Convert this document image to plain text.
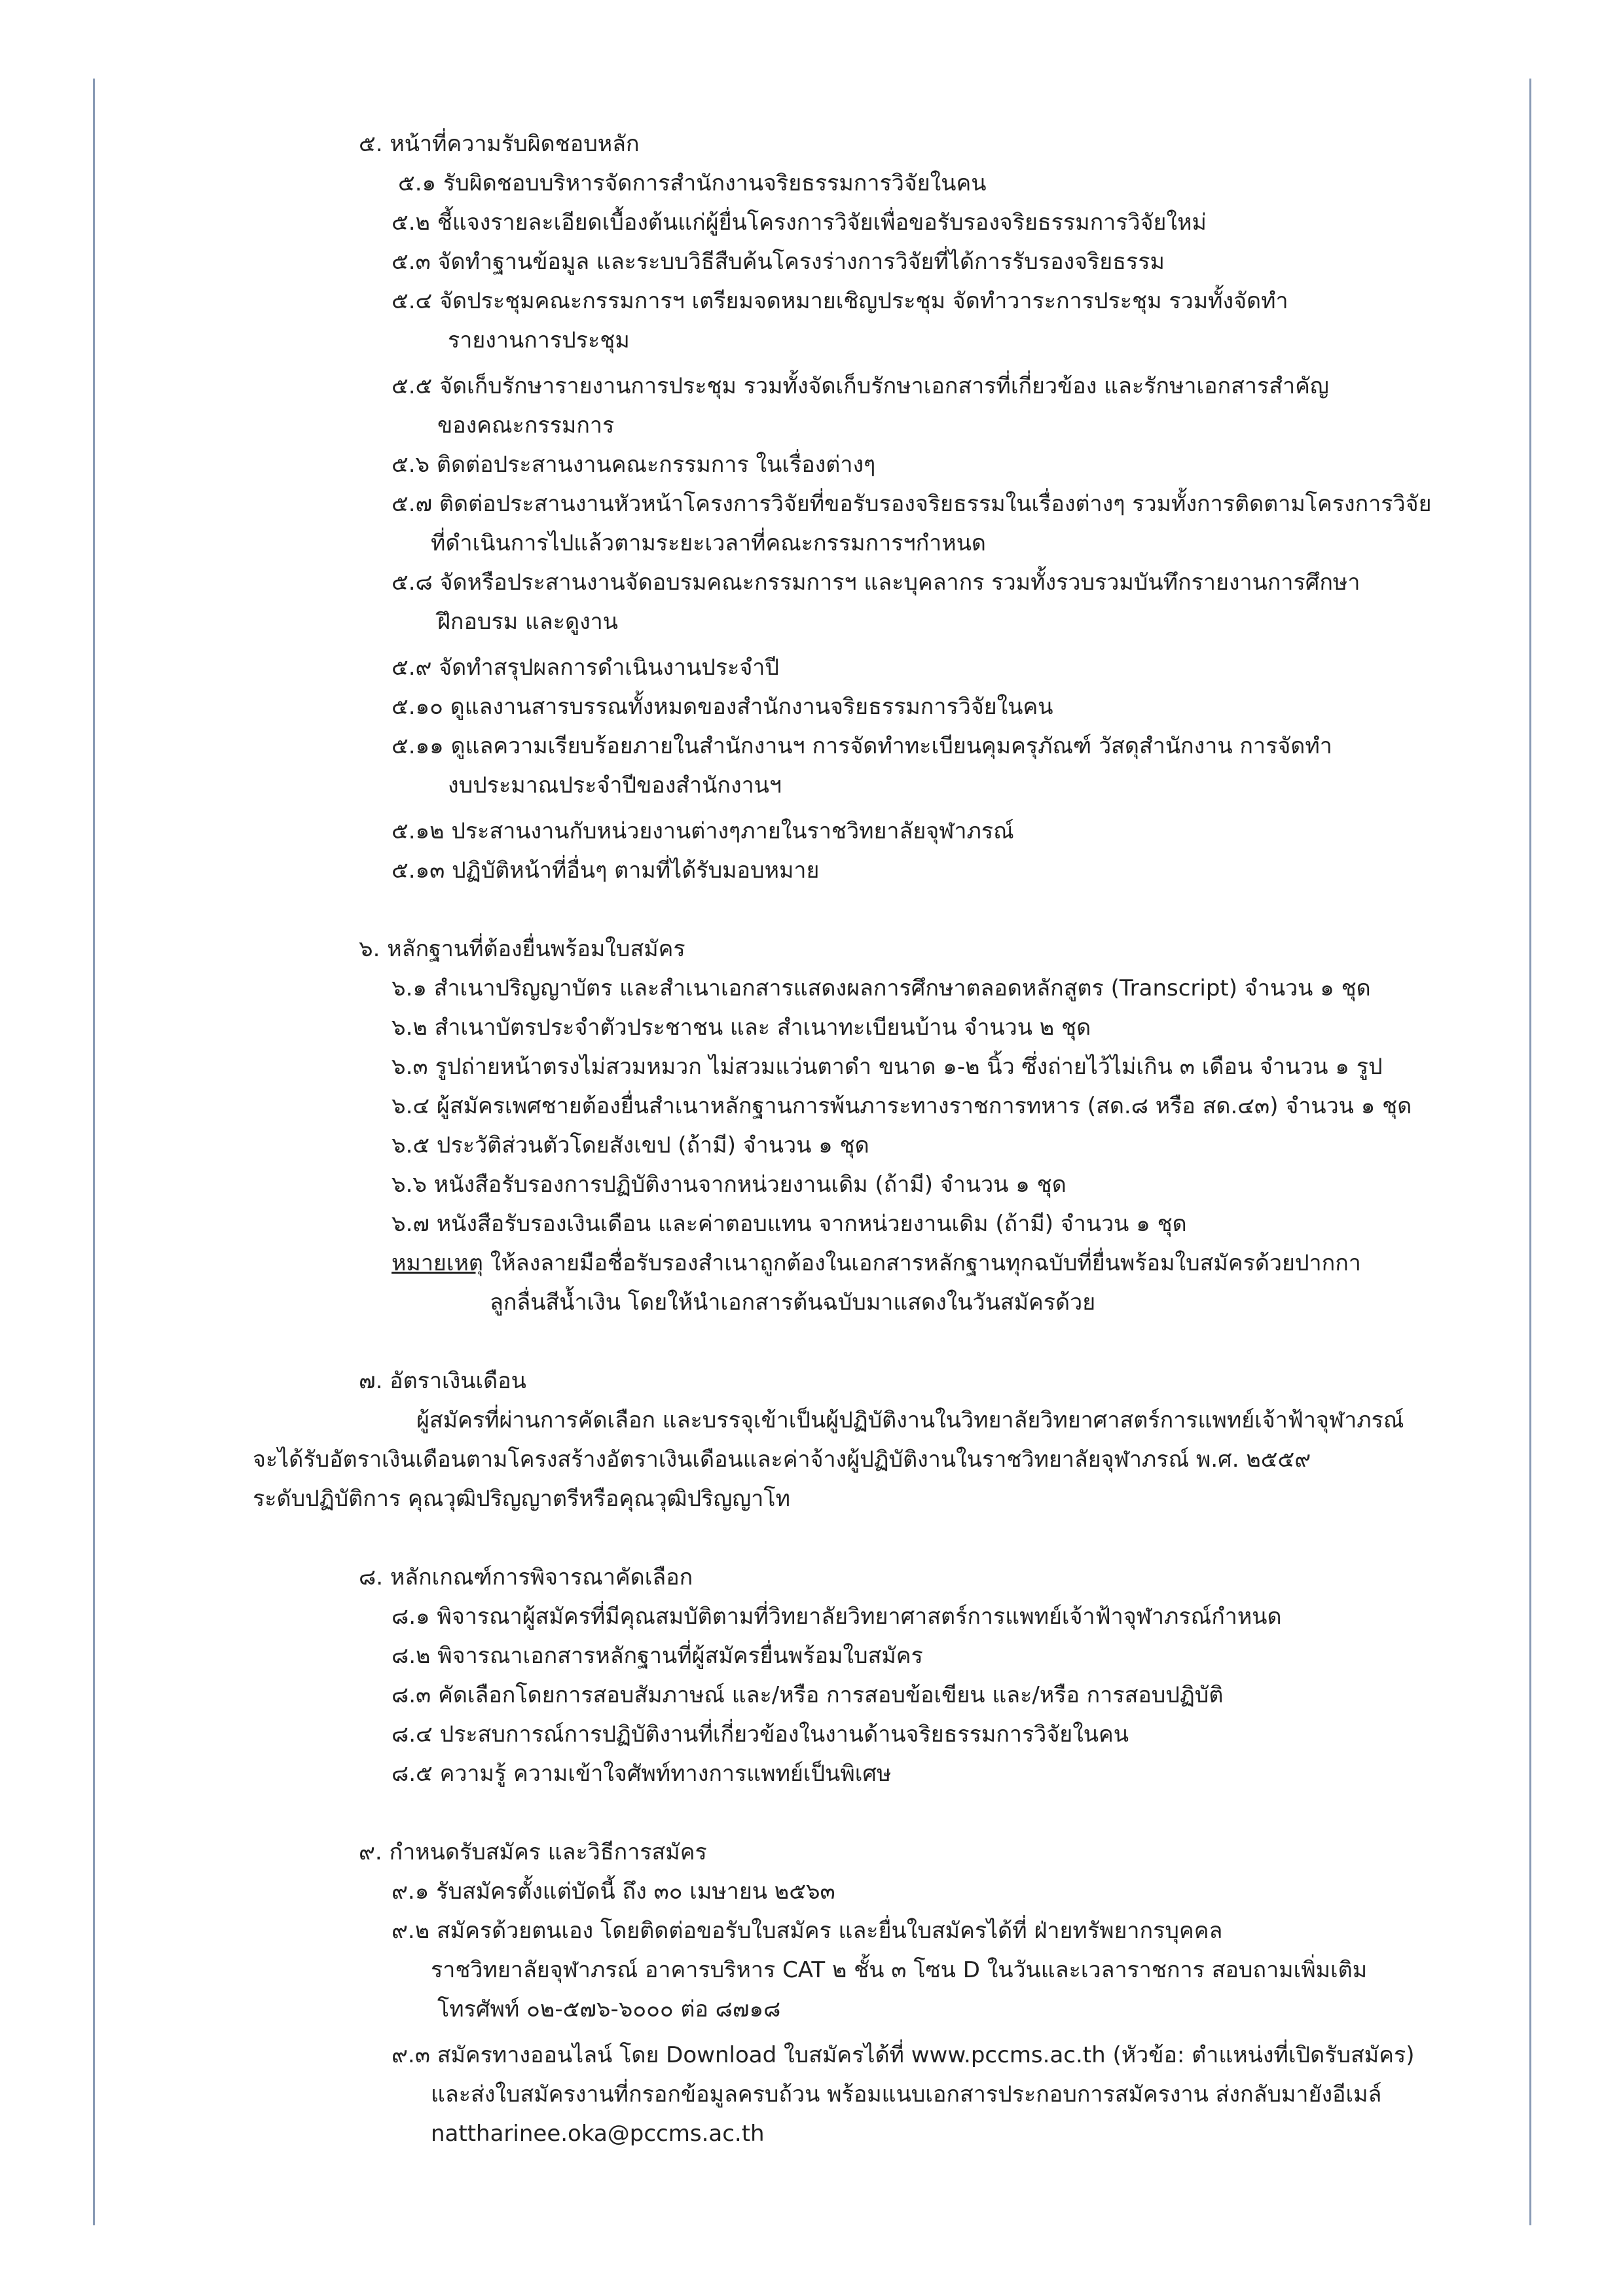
๕. หน้าที่ความรับผิดชอบหลัก
๕.๑ รับผิดชอบบริหารจัดการสำนักงานจริยธรรมการวิจัยในคน
๕.๒ ชี้แจงรายละเอียดเบื้องต้นแก่ผู้ยื่นโครงการวิจัยเพื่อขอรับรองจริยธรรมการวิจัยใหม่
๕.๓ จัดทำฐานข้อมูล และระบบวิธีสืบค้นโครงร่างการวิจัยที่ได้การรับรองจริยธรรม
๕.๔ จัดประชุมคณะกรรมการฯ เตรียมจดหมายเชิญประชุม จัดทำวาระการประชุม รวมทั้งจัดทำ
รายงานการประชุม
๕.๕ จัดเก็บรักษารายงานการประชุม รวมทั้งจัดเก็บรักษาเอกสารที่เกี่ยวข้อง และรักษาเอกสารสำคัญ
ของคณะกรรมการ
๕.๖ ติดต่อประสานงานคณะกรรมการ ในเรื่องต่างๆ
๕.๗ ติดต่อประสานงานหัวหน้าโครงการวิจัยที่ขอรับรองจริยธรรมในเรื่องต่างๆ รวมทั้งการติดตามโครงการวิจัย
ที่ดำเนินการไปแล้วตามระยะเวลาที่คณะกรรมการฯกำหนด
๕.๘ จัดหรือประสานงานจัดอบรมคณะกรรมการฯ และบุคลากร รวมทั้งรวบรวมบันทึกรายงานการศึกษา
ฝึกอบรม และดูงาน
๕.๙ จัดทำสรุปผลการดำเนินงานประจำปี
๕.๑๐ ดูแลงานสารบรรณทั้งหมดของสำนักงานจริยธรรมการวิจัยในคน
๕.๑๑ ดูแลความเรียบร้อยภายในสำนักงานฯ การจัดทำทะเบียนคุมครุภัณฑ์ วัสดุสำนักงาน การจัดทำ
งบประมาณประจำปีของสำนักงานฯ
๕.๑๒ ประสานงานกับหน่วยงานต่างๆภายในราชวิทยาลัยจุฬาภรณ์
๕.๑๓ ปฏิบัติหน้าที่อื่นๆ ตามที่ได้รับมอบหมาย
๖. หลักฐานที่ต้องยื่นพร้อมใบสมัคร
๖.๑ สำเนาปริญญาบัตร และสำเนาเอกสารแสดงผลการศึกษาตลอดหลักสูตร (Transcript) จำนวน ๑ ชุด
๖.๒ สำเนาบัตรประจำตัวประชาชน และ สำเนาทะเบียนบ้าน จำนวน ๒ ชุด
๖.๓ รูปถ่ายหน้าตรงไม่สวมหมวก ไม่สวมแว่นตาดำ ขนาด ๑-๒ นิ้ว ซึ่งถ่ายไว้ไม่เกิน ๓ เดือน จำนวน ๑ รูป
๖.๔ ผู้สมัครเพศชายต้องยื่นสำเนาหลักฐานการพ้นภาระทางราชการทหาร (สด.๘ หรือ สด.๔๓) จำนวน ๑ ชุด
๖.๕ ประวัติส่วนตัวโดยสังเขป (ถ้ามี) จำนวน ๑ ชุด
๖.๖ หนังสือรับรองการปฏิบัติงานจากหน่วยงานเดิม (ถ้ามี) จำนวน ๑ ชุด
๖.๗ หนังสือรับรองเงินเดือน และค่าตอบแทน จากหน่วยงานเดิม (ถ้ามี) จำนวน ๑ ชุด
หมายเหตุ ให้ลงลายมือชื่อรับรองสำเนาถูกต้องในเอกสารหลักฐานทุกฉบับที่ยื่นพร้อมใบสมัครด้วยปากกา
ลูกลื่นสีน้ำเงิน โดยให้นำเอกสารต้นฉบับมาแสดงในวันสมัครด้วย
๗. อัตราเงินเดือน
ผู้สมัครที่ผ่านการคัดเลือก และบรรจุเข้าเป็นผู้ปฏิบัติงานในวิทยาลัยวิทยาศาสตร์การแพทย์เจ้าฟ้าจุฬาภรณ์
จะได้รับอัตราเงินเดือนตามโครงสร้างอัตราเงินเดือนและค่าจ้างผู้ปฏิบัติงานในราชวิทยาลัยจุฬาภรณ์ พ.ศ. ๒๕๕๙
ระดับปฏิบัติการ คุณวุฒิปริญญาตรีหรือคุณวุฒิปริญญาโท
๘. หลักเกณฑ์การพิจารณาคัดเลือก
๘.๑ พิจารณาผู้สมัครที่มีคุณสมบัติตามที่วิทยาลัยวิทยาศาสตร์การแพทย์เจ้าฟ้าจุฬาภรณ์กำหนด
๘.๒ พิจารณาเอกสารหลักฐานที่ผู้สมัครยื่นพร้อมใบสมัคร
๘.๓ คัดเลือกโดยการสอบสัมภาษณ์ และ/หรือ การสอบข้อเขียน และ/หรือ การสอบปฏิบัติ
๘.๔ ประสบการณ์การปฏิบัติงานที่เกี่ยวข้องในงานด้านจริยธรรมการวิจัยในคน
๘.๕ ความรู้ ความเข้าใจศัพท์ทางการแพทย์เป็นพิเศษ
๙. กำหนดรับสมัคร และวิธีการสมัคร
๙.๑ รับสมัครตั้งแต่บัดนี้ ถึง ๓๐ เมษายน ๒๕๖๓
๙.๒ สมัครด้วยตนเอง โดยติดต่อขอรับใบสมัคร และยื่นใบสมัครได้ที่ ฝ่ายทรัพยากรบุคคล
ราชวิทยาลัยจุฬาภรณ์ อาคารบริหาร CAT ๒ ชั้น ๓ โซน D ในวันและเวลาราชการ สอบถามเพิ่มเติม
โทรศัพท์ ๐๒-๕๗๖-๖๐๐๐ ต่อ ๘๗๑๘
๙.๓ สมัครทางออนไลน์ โดย Download ใบสมัครได้ที่ www.pccms.ac.th (หัวข้อ: ตำแหน่งที่เปิดรับสมัคร)
และส่งใบสมัครงานที่กรอกข้อมูลครบถ้วน พร้อมแนบเอกสารประกอบการสมัครงาน ส่งกลับมายังอีเมล์
nattharinee.oka@pccms.ac.th
